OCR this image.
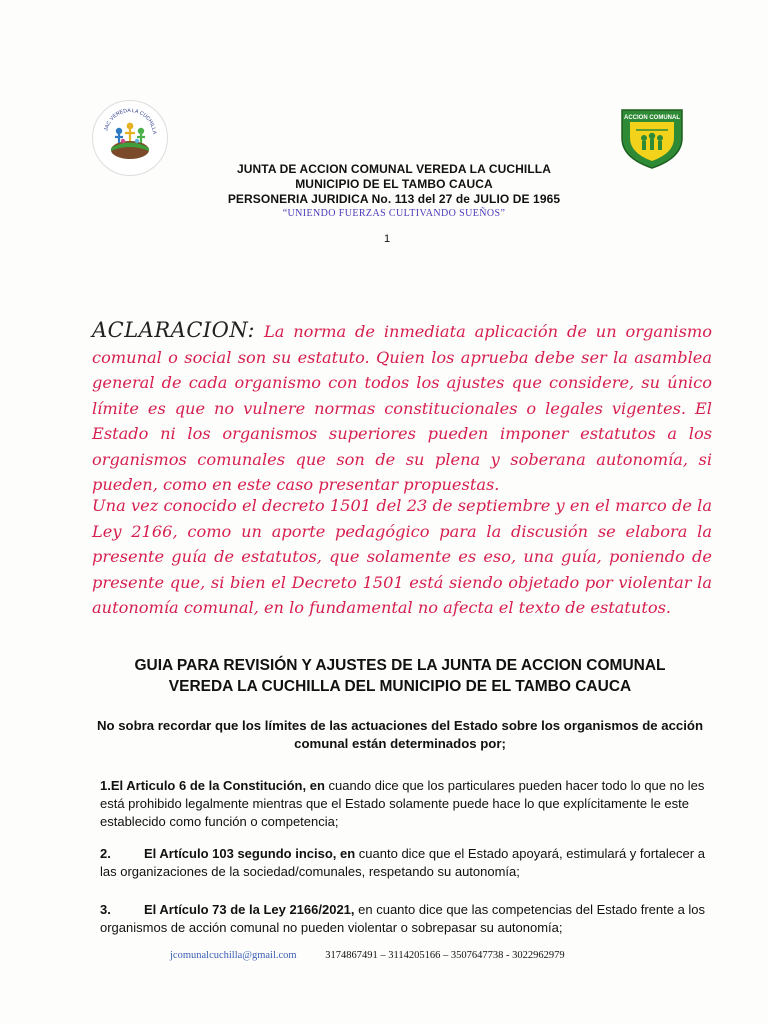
JAC VEREDA LA CUCHILLA
ACCION COMUNAL
JUNTA DE ACCION COMUNAL VEREDA LA CUCHILLA
MUNICIPIO DE EL TAMBO CAUCA
PERSONERIA JURIDICA No. 113 del 27 de JULIO DE 1965
“UNIENDO FUERZAS CULTIVANDO SUEÑOS”
1
ACLARACION: La norma de inmediata aplicación de un organismo comunal o social son su estatuto. Quien los aprueba debe ser la asamblea general de cada organismo con todos los ajustes que considere, su único límite es que no vulnere normas constitucionales o legales vigentes. El Estado ni los organismos superiores pueden imponer estatutos a los organismos comunales que son de su plena y soberana autonomía, si pueden, como en este caso presentar propuestas.
Una vez conocido el decreto 1501 del 23 de septiembre y en el marco de la Ley 2166, como un aporte pedagógico para la discusión se elabora la presente guía de estatutos, que solamente es eso, una guía, poniendo de presente que, si bien el Decreto 1501 está siendo objetado por violentar la autonomía comunal, en lo fundamental no afecta el texto de estatutos.
GUIA PARA REVISIÓN Y AJUSTES DE LA JUNTA DE ACCION COMUNAL
VEREDA LA CUCHILLA DEL MUNICIPIO DE EL TAMBO CAUCA
No sobra recordar que los límites de las actuaciones del Estado sobre los organismos de acción comunal están determinados por;
1.El Articulo 6 de la Constitución, en cuando dice que los particulares pueden hacer todo lo que no les está prohibido legalmente mientras que el Estado solamente puede hace lo que explícitamente le este establecido como función o competencia;
2.	El Artículo 103 segundo inciso, en cuanto dice que el Estado apoyará, estimulará y fortalecer a las organizaciones de la sociedad/comunales, respetando su autonomía;
3.	El Artículo 73 de la Ley 2166/2021, en cuanto dice que las competencias del Estado frente a los organismos de acción comunal no pueden violentar o sobrepasar su autonomía;
jcomunalcuchilla@gmail.com	3174867491 – 3114205166 – 3507647738 - 3022962979
